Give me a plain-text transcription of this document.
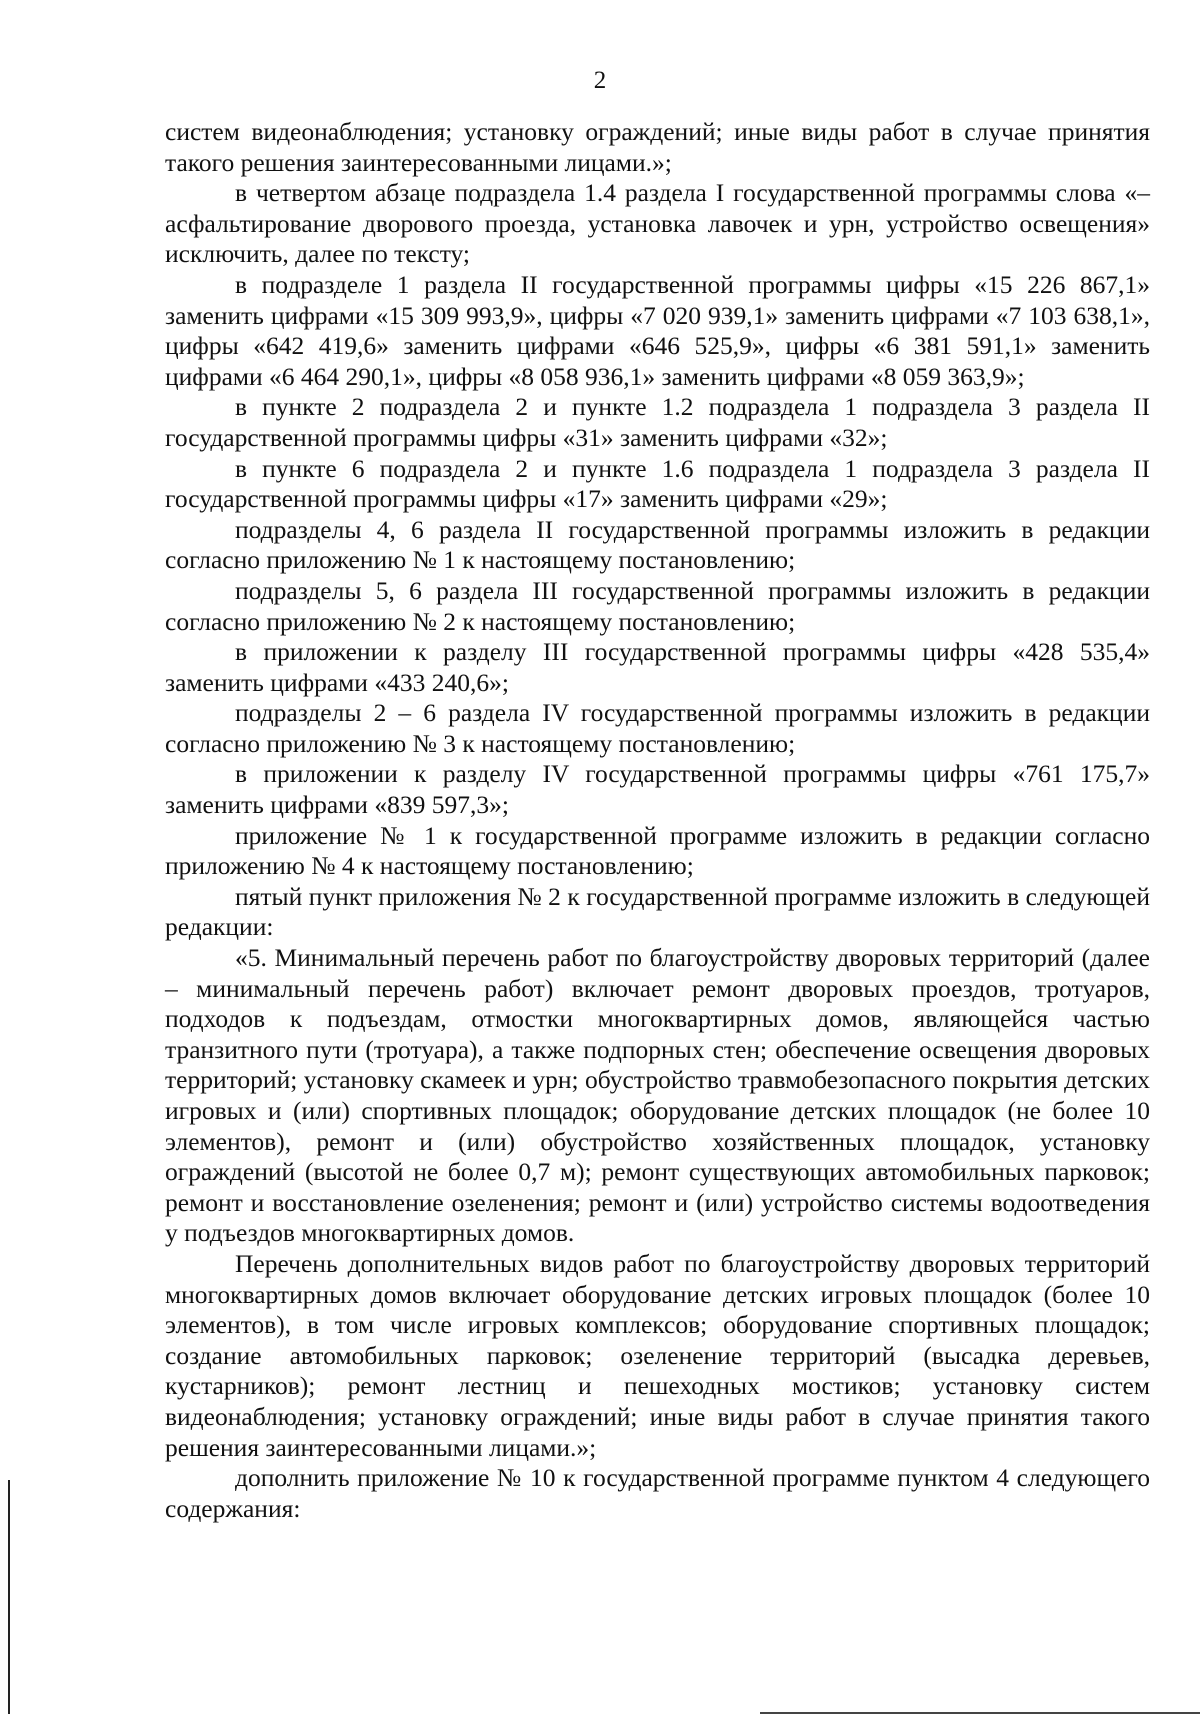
2

систем видеонаблюдения; установку ограждений; иные виды работ в случае принятия такого решения заинтересованными лицами.»;

в четвертом абзаце подраздела 1.4 раздела I государственной программы слова «– асфальтирование дворового проезда, установка лавочек и урн, устройство освещения» исключить, далее по тексту;

в подразделе 1 раздела II государственной программы цифры «15 226 867,1» заменить цифрами «15 309 993,9», цифры «7 020 939,1» заменить цифрами «7 103 638,1», цифры «642 419,6» заменить цифрами «646 525,9», цифры «6 381 591,1» заменить цифрами «6 464 290,1», цифры «8 058 936,1» заменить цифрами «8 059 363,9»;

в пункте 2 подраздела 2 и пункте 1.2 подраздела 1 подраздела 3 раздела II государственной программы цифры «31» заменить цифрами «32»;

в пункте 6 подраздела 2 и пункте 1.6 подраздела 1 подраздела 3 раздела II государственной программы цифры «17» заменить цифрами «29»;

подразделы 4, 6 раздела II государственной программы изложить в редакции согласно приложению № 1 к настоящему постановлению;

подразделы 5, 6 раздела III государственной программы изложить в редакции согласно приложению № 2 к настоящему постановлению;

в приложении к разделу III государственной программы цифры «428 535,4» заменить цифрами «433 240,6»;

подразделы 2 – 6 раздела IV государственной программы изложить в редакции согласно приложению № 3 к настоящему постановлению;

в приложении к разделу IV государственной программы цифры «761 175,7» заменить цифрами «839 597,3»;

приложение № 1 к государственной программе изложить в редакции согласно приложению № 4 к настоящему постановлению;

пятый пункт приложения № 2 к государственной программе изложить в следующей редакции:

«5. Минимальный перечень работ по благоустройству дворовых территорий (далее – минимальный перечень работ) включает ремонт дворовых проездов, тротуаров, подходов к подъездам, отмостки многоквартирных домов, являющейся частью транзитного пути (тротуара), а также подпорных стен; обеспечение освещения дворовых территорий; установку скамеек и урн; обустройство травмобезопасного покрытия детских игровых и (или) спортивных площадок; оборудование детских площадок (не более 10 элементов), ремонт и (или) обустройство хозяйственных площадок, установку ограждений (высотой не более 0,7 м); ремонт существующих автомобильных парковок; ремонт и восстановление озеленения; ремонт и (или) устройство системы водоотведения у подъездов многоквартирных домов.

Перечень дополнительных видов работ по благоустройству дворовых территорий многоквартирных домов включает оборудование детских игровых площадок (более 10 элементов), в том числе игровых комплексов; оборудование спортивных площадок; создание автомобильных парковок; озеленение территорий (высадка деревьев, кустарников); ремонт лестниц и пешеходных мостиков; установку систем видеонаблюдения; установку ограждений; иные виды работ в случае принятия такого решения заинтересованными лицами.»;

дополнить приложение № 10 к государственной программе пунктом 4 следующего содержания:
